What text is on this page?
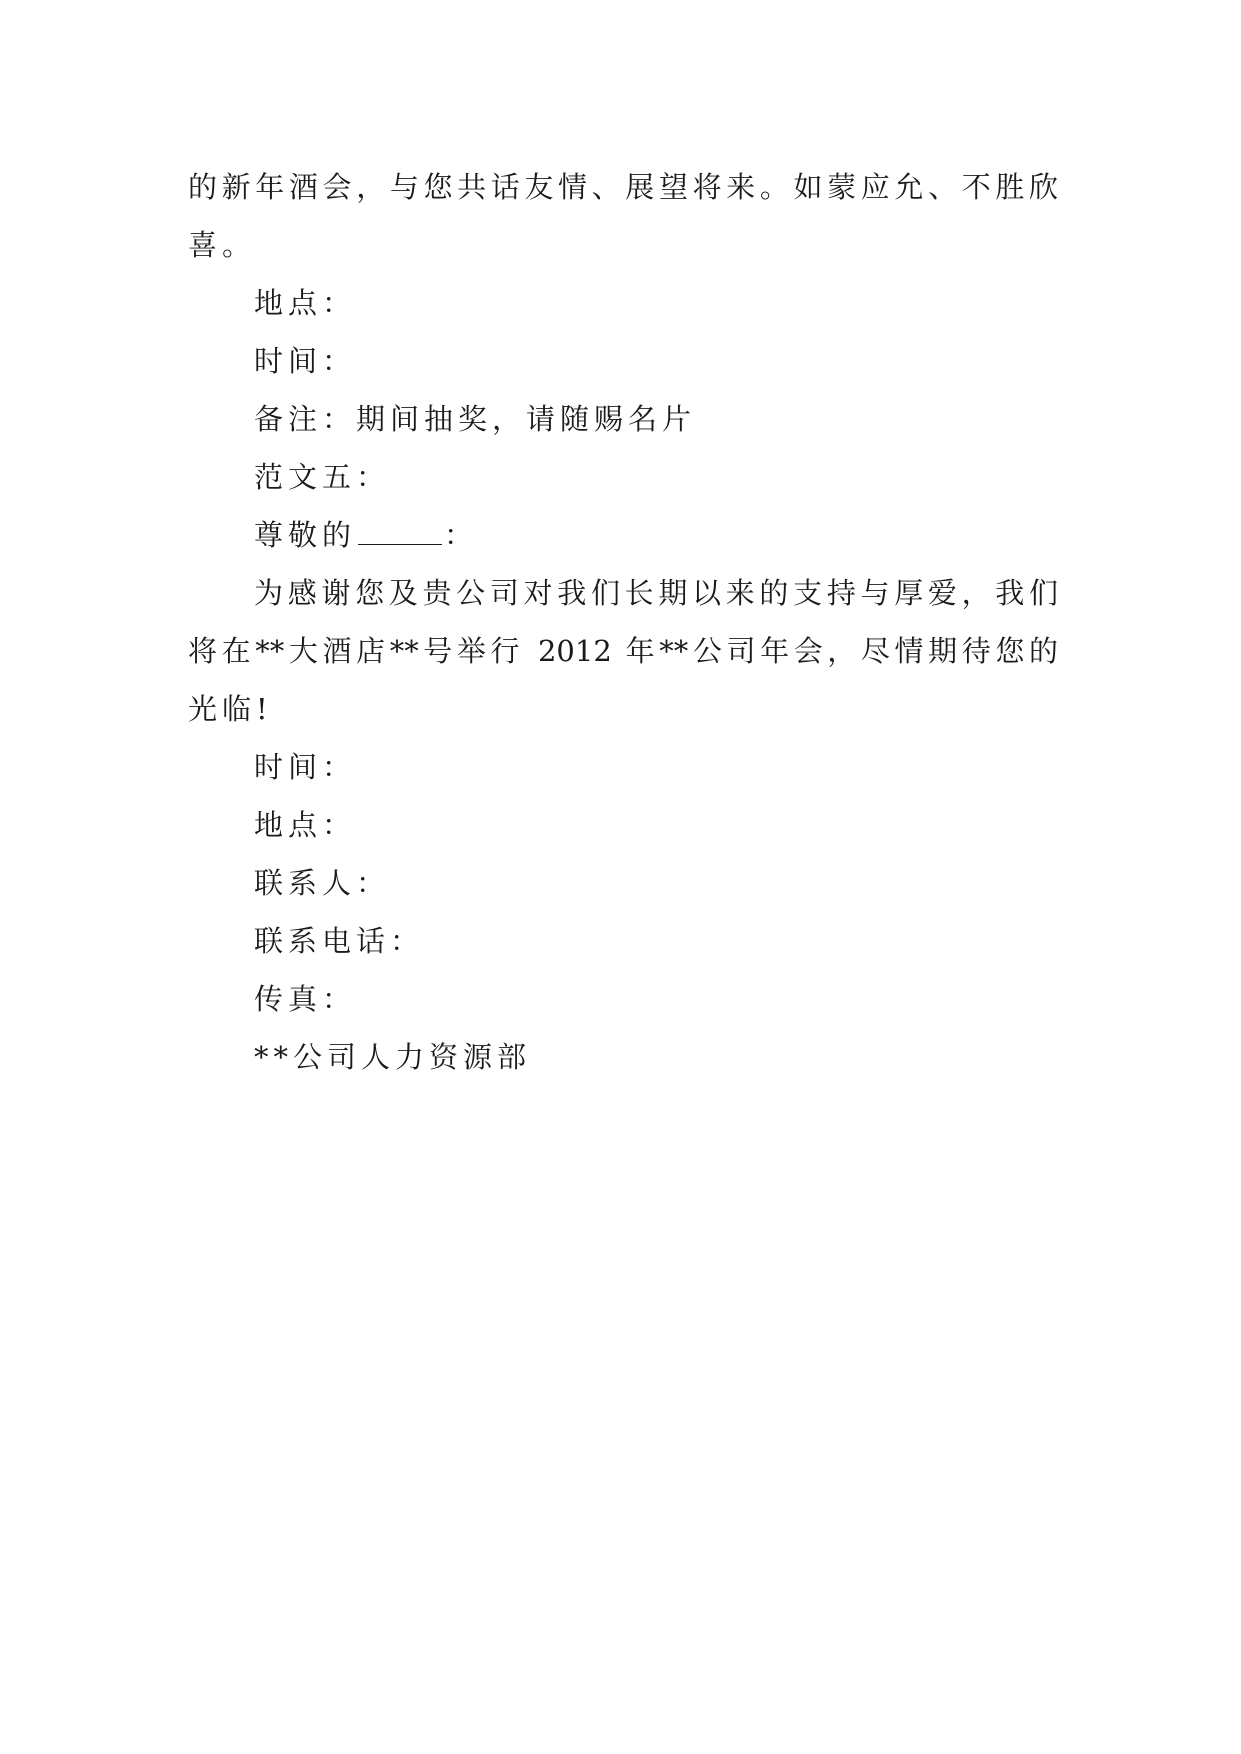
的新年酒会，与您共话友情、展望将来。如蒙应允、不胜欣
喜。
地点：
时间：
备注：期间抽奖，请随赐名片
范文五：
尊敬的	：
为感谢您及贵公司对我们长期以来的支持与厚爱，我们
将在**大酒店**号举行 2012 年**公司年会，尽情期待您的
光临!
时间：
地点：
联系人：
联系电话：
传真：
**公司人力资源部
